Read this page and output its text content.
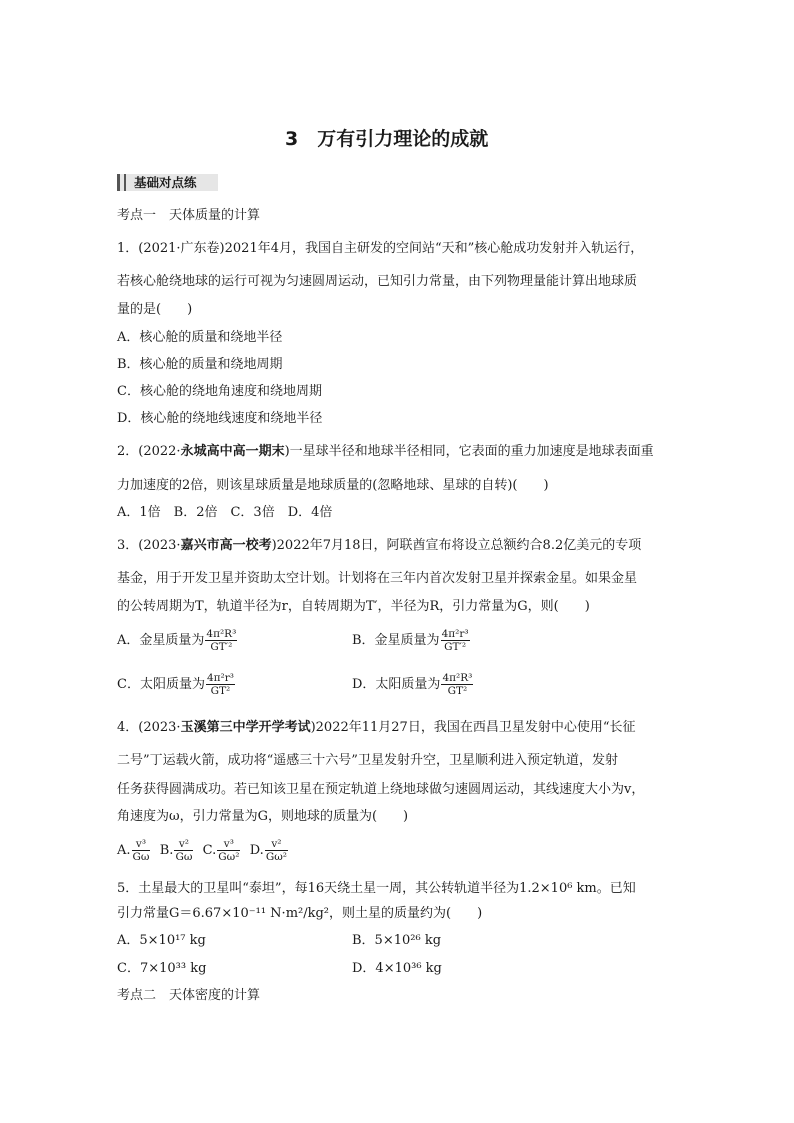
3　万有引力理论的成就
基础对点练
考点一　天体质量的计算
1．(2021·广东卷)2021年4月，我国自主研发的空间站“天和”核心舱成功发射并入轨运行，
若核心舱绕地球的运行可视为匀速圆周运动，已知引力常量，由下列物理量能计算出地球质
量的是(　　)
A．核心舱的质量和绕地半径
B．核心舱的质量和绕地周期
C．核心舱的绕地角速度和绕地周期
D．核心舱的绕地线速度和绕地半径
2．(2022·永城高中高一期末)一星球半径和地球半径相同，它表面的重力加速度是地球表面重
力加速度的2倍，则该星球质量是地球质量的(忽略地球、星球的自转)(　　)
A．1倍　B．2倍　C．3倍　D．4倍
3．(2023·嘉兴市高一校考)2022年7月18日，阿联酋宣布将设立总额约合8.2亿美元的专项
基金，用于开发卫星并资助太空计划。计划将在三年内首次发射卫星并探索金星。如果金星
的公转周期为T，轨道半径为r，自转周期为T′，半径为R，引力常量为G，则(　　)
A．金星质量为 $\frac{\text{4π²R³}}{\text{GT′²}}$	B．金星质量为 $\frac{\text{4π²r³}}{\text{GT′²}}$
C．太阳质量为 $\frac{\text{4π²r³}}{\text{GT²}}$	D．太阳质量为 $\frac{\text{4π²R³}}{\text{GT²}}$
4．(2023·玉溪第三中学开学考试)2022年11月27日，我国在西昌卫星发射中心使用“长征
二号”丁运载火箭，成功将“遥感三十六号”卫星发射升空，卫星顺利进入预定轨道，发射
任务获得圆满成功。若已知该卫星在预定轨道上绕地球做匀速圆周运动，其线速度大小为v，
角速度为ω，引力常量为G，则地球的质量为(　　)
A. $\frac{\text{v³}}{G\omega} B$. $\frac{\text{v²}}{G\omega} C$. $\frac{\text{v³}}{\text{Gω²}} D$. $\frac{\text{v²}}{\text{Gω²}}$
5．土星最大的卫星叫“泰坦”，每16天绕土星一周，其公转轨道半径为1.2×10⁶ km。已知
引力常量G＝6.67×10⁻¹¹ N·m²/kg²，则土星的质量约为(　　)
A．5×10¹⁷ kg	B．5×10²⁶ kg
C．7×10³³ kg	D．4×10³⁶ kg
考点二　天体密度的计算
